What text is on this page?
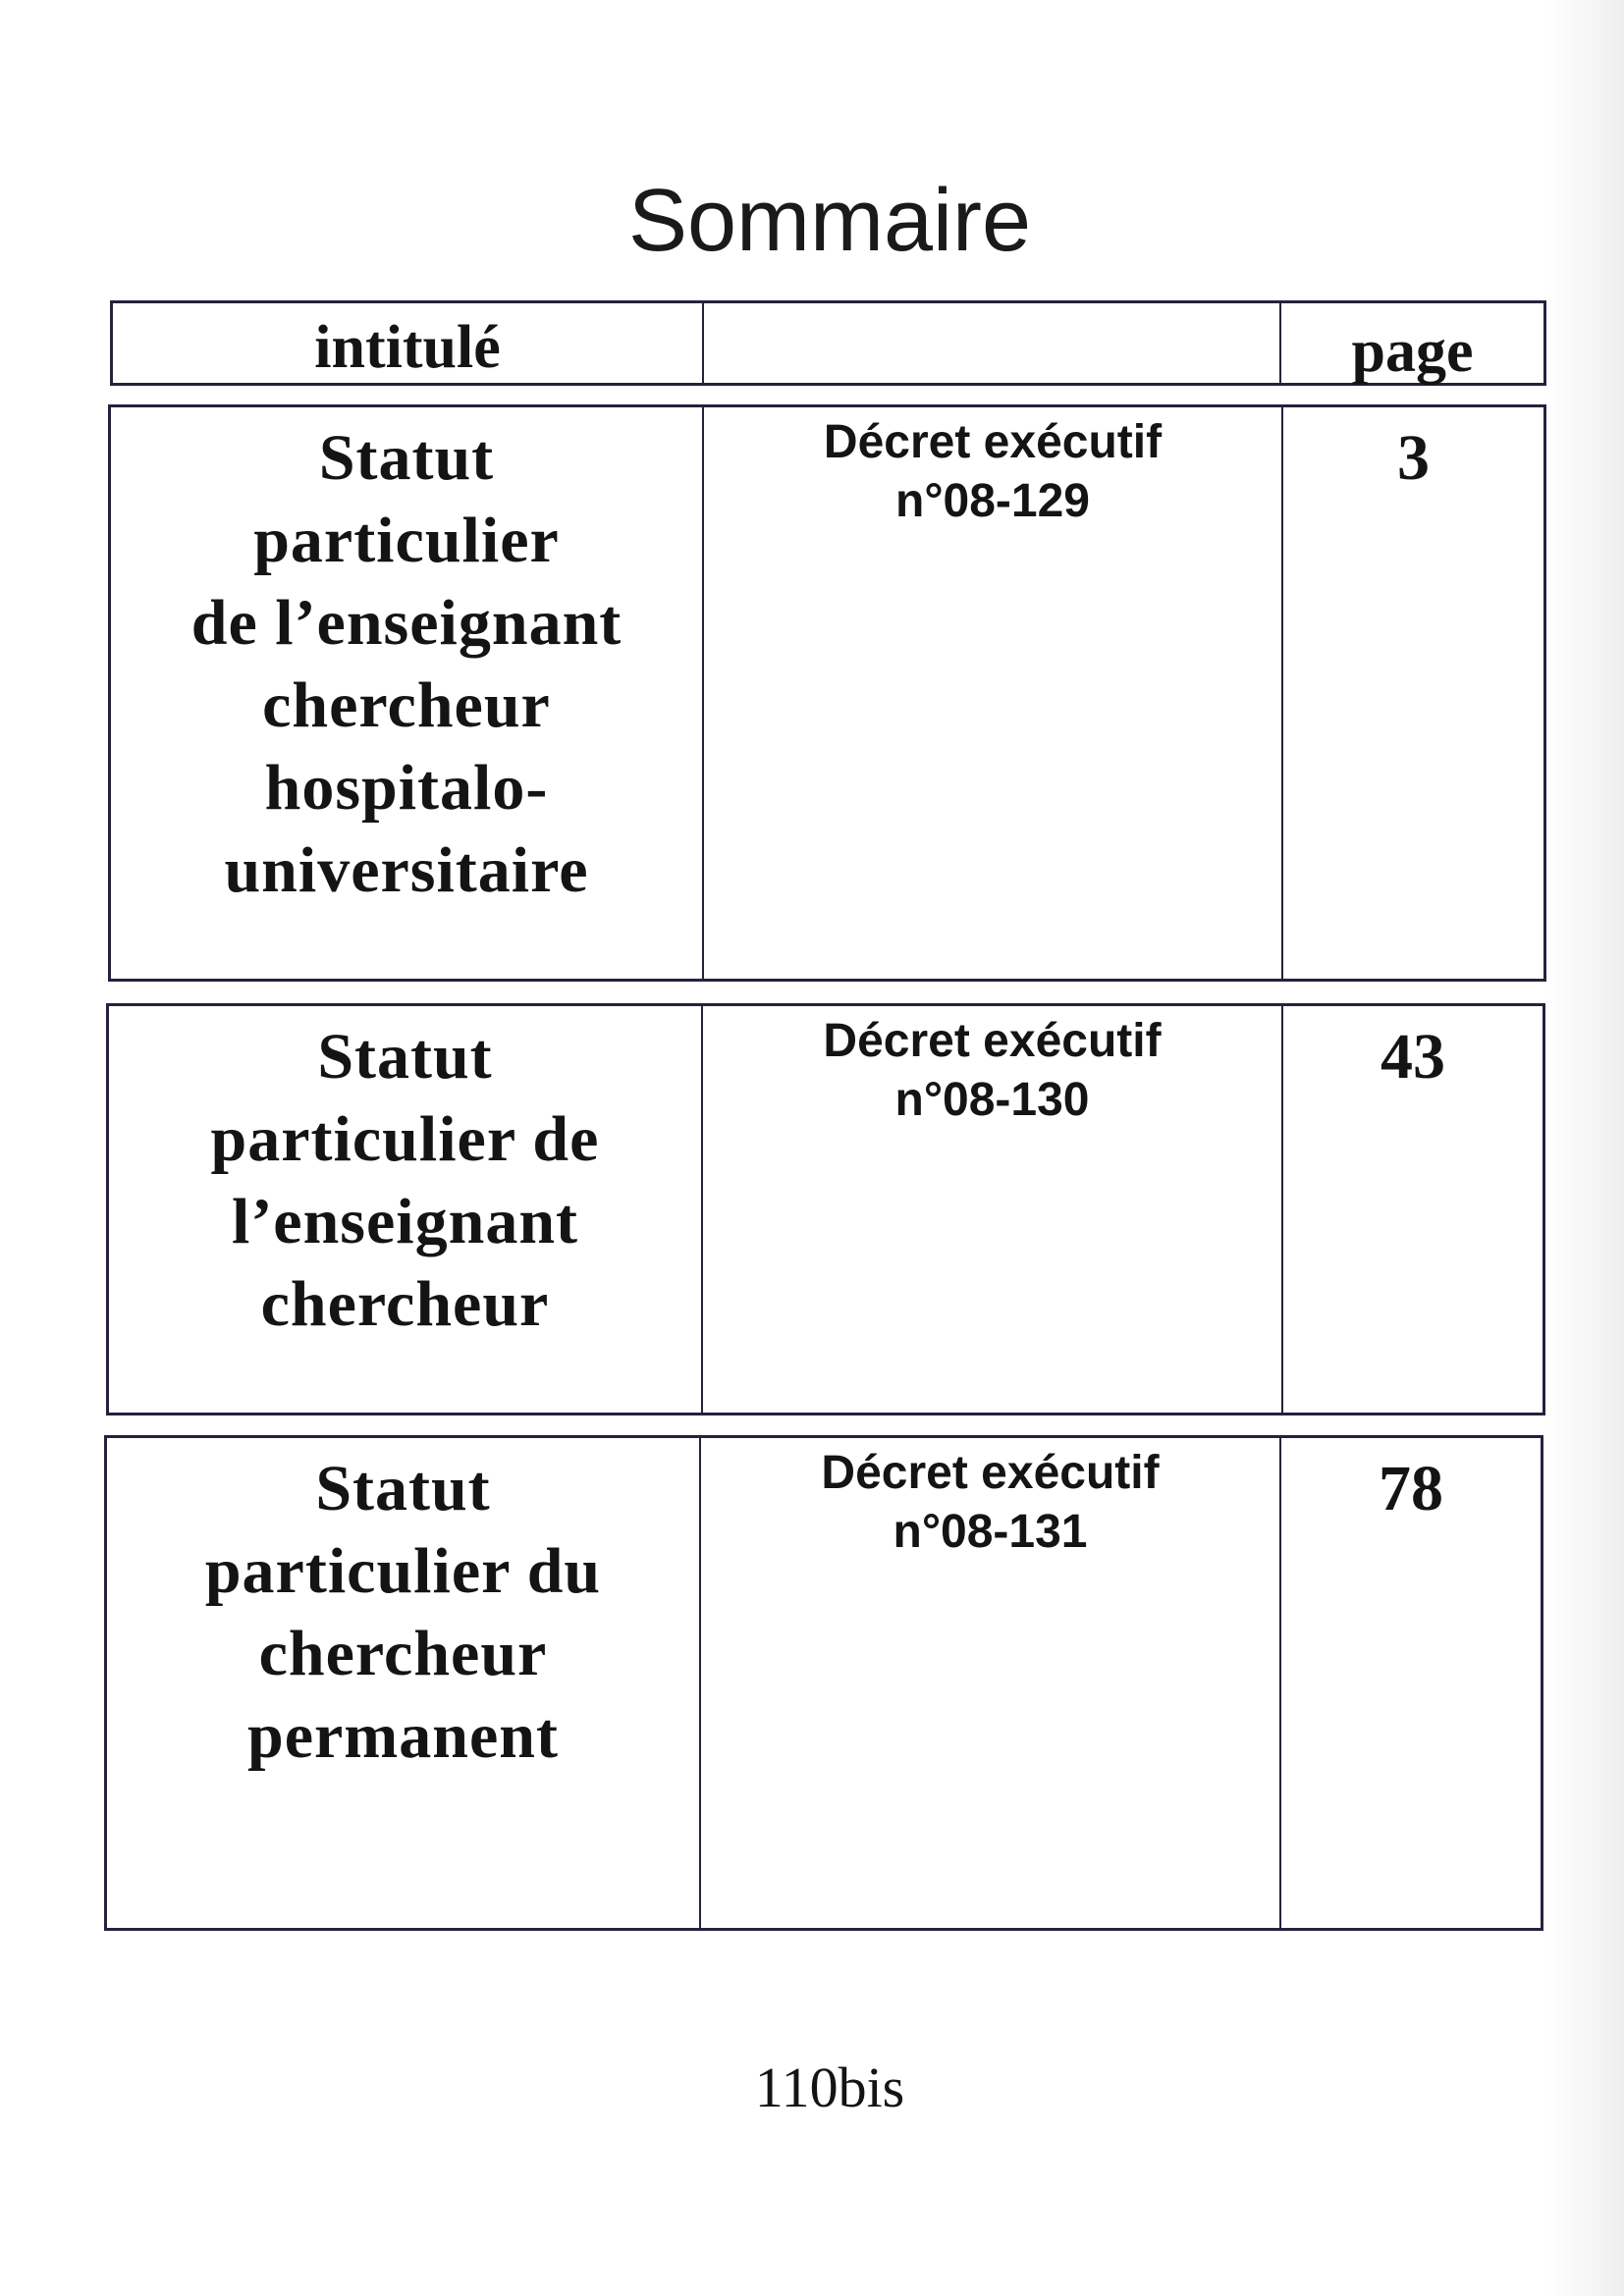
Sommaire
intitulé	page
Statut
particulier
de l’enseignant
chercheur
hospitalo-
universitaire
Décret exécutif
n°08-129
3
Statut
particulier de
l’enseignant
chercheur
Décret exécutif
n°08-130
43
Statut
particulier du
chercheur
permanent
Décret exécutif
n°08-131
78
110bis
